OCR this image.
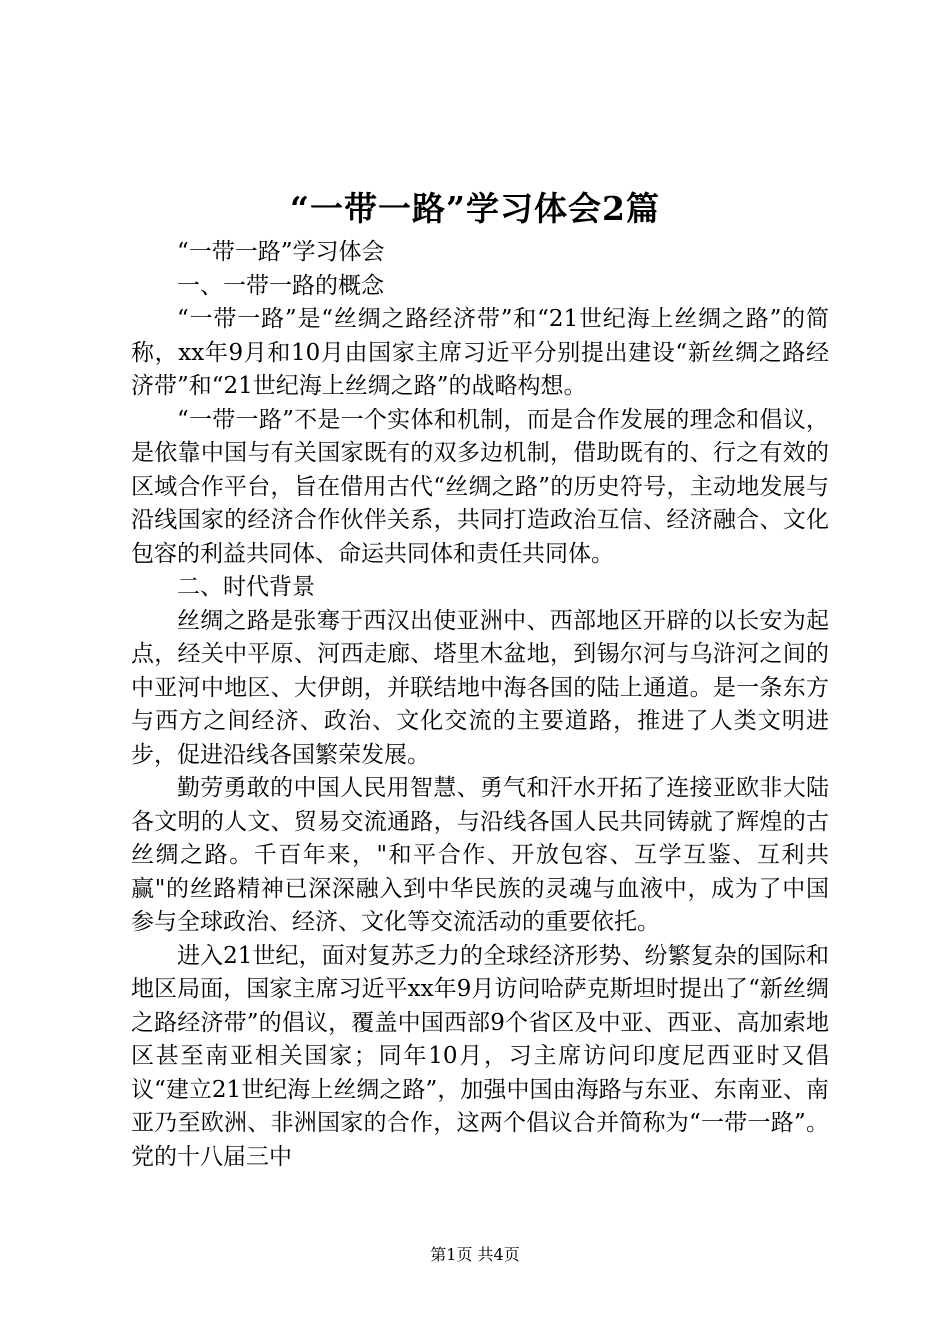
“一带一路”学习体会2篇

“一带一路”学习体会

一、一带一路的概念

“一带一路”是“丝绸之路经济带”和“21世纪海上丝绸之路”的简称，xx年9月和10月由国家主席习近平分别提出建设“新丝绸之路经济带”和“21世纪海上丝绸之路”的战略构想。

“一带一路”不是一个实体和机制，而是合作发展的理念和倡议，是依靠中国与有关国家既有的双多边机制，借助既有的、行之有效的区域合作平台，旨在借用古代“丝绸之路”的历史符号，主动地发展与沿线国家的经济合作伙伴关系，共同打造政治互信、经济融合、文化包容的利益共同体、命运共同体和责任共同体。

二、时代背景

丝绸之路是张骞于西汉出使亚洲中、西部地区开辟的以长安为起点，经关中平原、河西走廊、塔里木盆地，到锡尔河与乌浒河之间的中亚河中地区、大伊朗，并联结地中海各国的陆上通道。是一条东方与西方之间经济、政治、文化交流的主要道路，推进了人类文明进步，促进沿线各国繁荣发展。

勤劳勇敢的中国人民用智慧、勇气和汗水开拓了连接亚欧非大陆各文明的人文、贸易交流通路，与沿线各国人民共同铸就了辉煌的古丝绸之路。千百年来，"和平合作、开放包容、互学互鉴、互利共赢"的丝路精神已深深融入到中华民族的灵魂与血液中，成为了中国参与全球政治、经济、文化等交流活动的重要依托。

进入21世纪，面对复苏乏力的全球经济形势、纷繁复杂的国际和地区局面，国家主席习近平xx年9月访问哈萨克斯坦时提出了“新丝绸之路经济带”的倡议，覆盖中国西部9个省区及中亚、西亚、高加索地区甚至南亚相关国家；同年10月，习主席访问印度尼西亚时又倡议“建立21世纪海上丝绸之路”，加强中国由海路与东亚、东南亚、南亚乃至欧洲、非洲国家的合作，这两个倡议合并简称为“一带一路”。党的十八届三中

第1页 共4页
